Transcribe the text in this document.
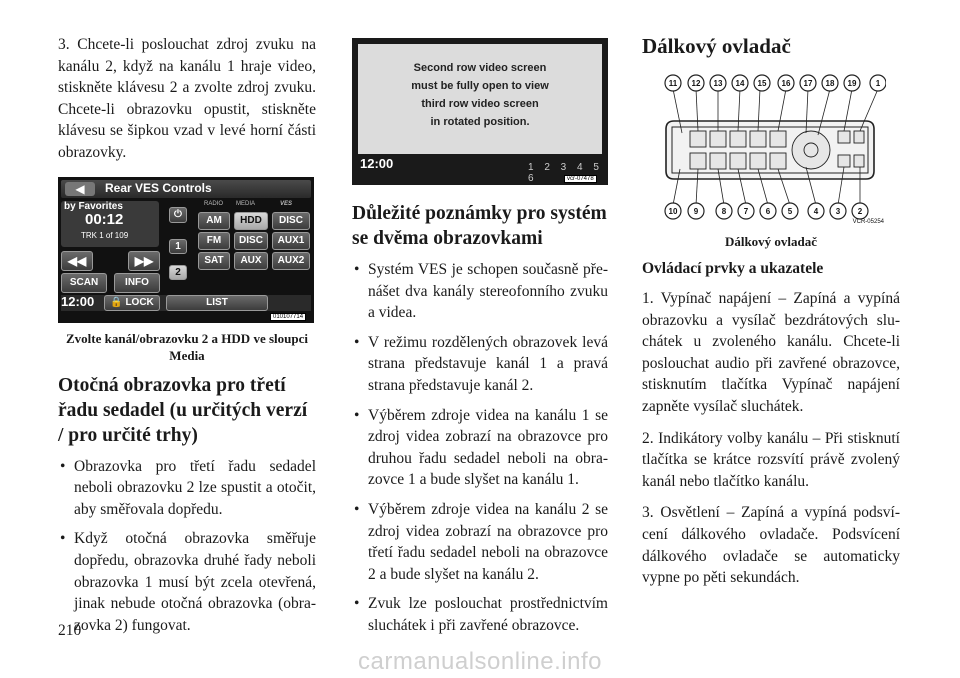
3. Chcete-li poslouchat zdroj zvuku na kanálu 2, když na kanálu 1 hraje video, stiskněte klávesu 2 a zvolte zdroj zvuku. Chcete-li obrazovku opustit, stiskněte klávesu se šipkou vzad v levé horní části obrazovky.

◀	Rear VES Controls
by Favorites
00:12
TRK 1 of 109
◀◀	▶▶
SCAN	INFO
⏻
1
2
RADIO MEDIA	VES
AM	HDD	DISC
FM	DISC	AUX1
SAT	AUX	AUX2
12:00	🔒 LOCK	LIST
010107714
Zvolte kanál/obrazovku 2 a HDD ve sloupci Media
Otočná obrazovka pro třetí řadu sedadel (u určitých verzí / pro určité trhy)
• Obrazovka pro třetí řadu sedadel neboli obrazovku 2 lze spustit a otočit, aby směřovala dopředu.
• Když otočná obrazovka směřuje dopředu, obrazovka druhé řady neboli obrazovka 1 musí být zcela otevřená, jinak nebude otočná obrazovka (obrazovka 2) fungovat.
Second row video screen
must be fully open to view
third row video screen
in rotated position.
12:00	1 2 3 4 5 6	vcr-07478
Důležité poznámky pro systém se dvěma obrazovkami
• Systém VES je schopen současně přenášet dva kanály stereofonního zvuku a videa.
• V režimu rozdělených obrazovek levá strana představuje kanál 1 a pravá strana představuje kanál 2.
• Výběrem zdroje videa na kanálu 1 se zdroj videa zobrazí na obrazovce pro druhou řadu sedadel neboli na obrazovce 1 a bude slyšet na kanálu 1.
• Výběrem zdroje videa na kanálu 2 se zdroj videa zobrazí na obrazovce pro třetí řadu sedadel neboli na obrazovce 2 a bude slyšet na kanálu 2.
• Zvuk lze poslouchat prostřednictvím sluchátek i při zavřené obrazovce.
Dálkový ovladač
11 12 13 14 15 16 17 18 19 1
10 9	8 7 6 5	4 3 2
VCR-05254
Dálkový ovladač
Ovládací prvky a ukazatele

1. Vypínač napájení – Zapíná a vypíná obrazovku a vysílač bezdrátových sluchátek u zvoleného kanálu. Chcete-li poslouchat audio při zavřené obrazovce, stisknutím tlačítka Vypínač napájení zapněte vysílač sluchátek.

2. Indikátory volby kanálu – Při stisknutí tlačítka se krátce rozsvítí právě zvolený kanál nebo tlačítko kanálu.

3. Osvětlení – Zapíná a vypíná podsvícení dálkového ovladače. Podsvícení dálkového ovladače se automaticky vypne po pěti sekundách.

210
carmanualsonline.info
